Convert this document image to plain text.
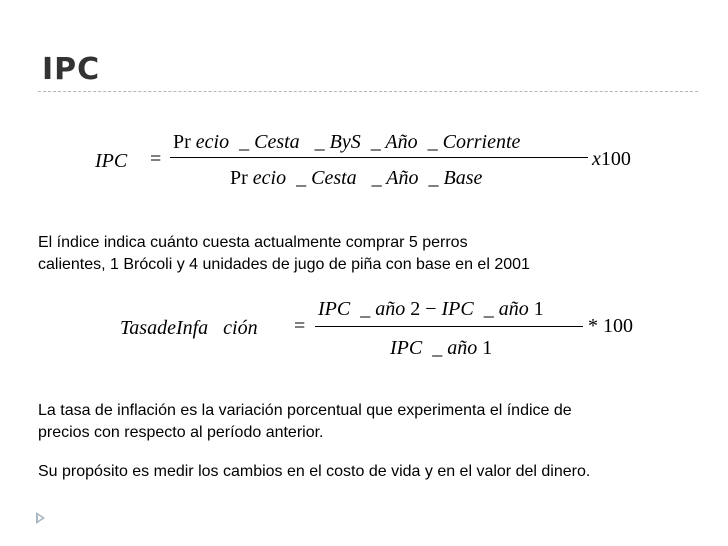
IPC
IPC =
Pr ecio  _ Cesta   _ ByS  _ Año  _ Corriente
Pr ecio  _ Cesta   _ Año  _ Base
x100
El índice indica cuánto cuesta actualmente comprar 5 perros
calientes, 1 Brócoli y 4 unidades de jugo de piña con base en el 2001
TasadeInfa   ción =
IPC  _ año 2 − IPC  _ año 1
IPC  _ año 1
* 100
La tasa de inflación es la variación porcentual que experimenta el índice de
precios con respecto al período anterior.
Su propósito es medir los cambios en el costo de vida y en el valor del dinero.
